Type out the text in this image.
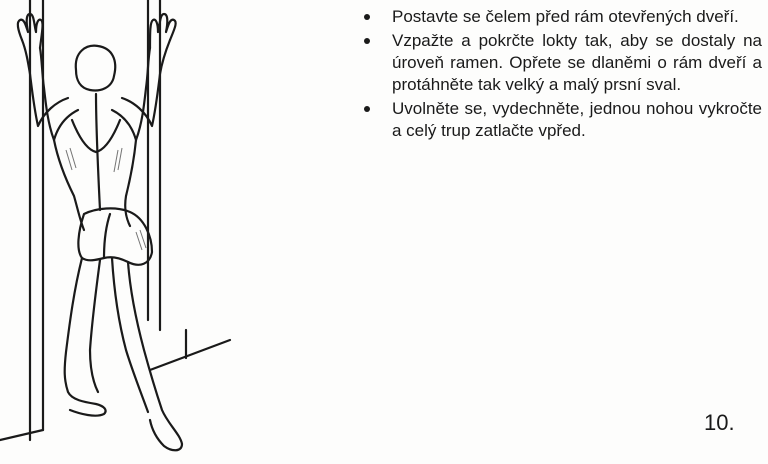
Postavte se čelem před rám otevřených dveří.
Vzpažte a pokrčte lokty tak, aby se dostaly na úroveň ramen. Opřete se dlaněmi o rám dveří a protáhněte tak velký a malý prsní sval.
Uvolněte se, vydechněte, jednou nohou vykročte a celý trup zatlačte vpřed.
10.
